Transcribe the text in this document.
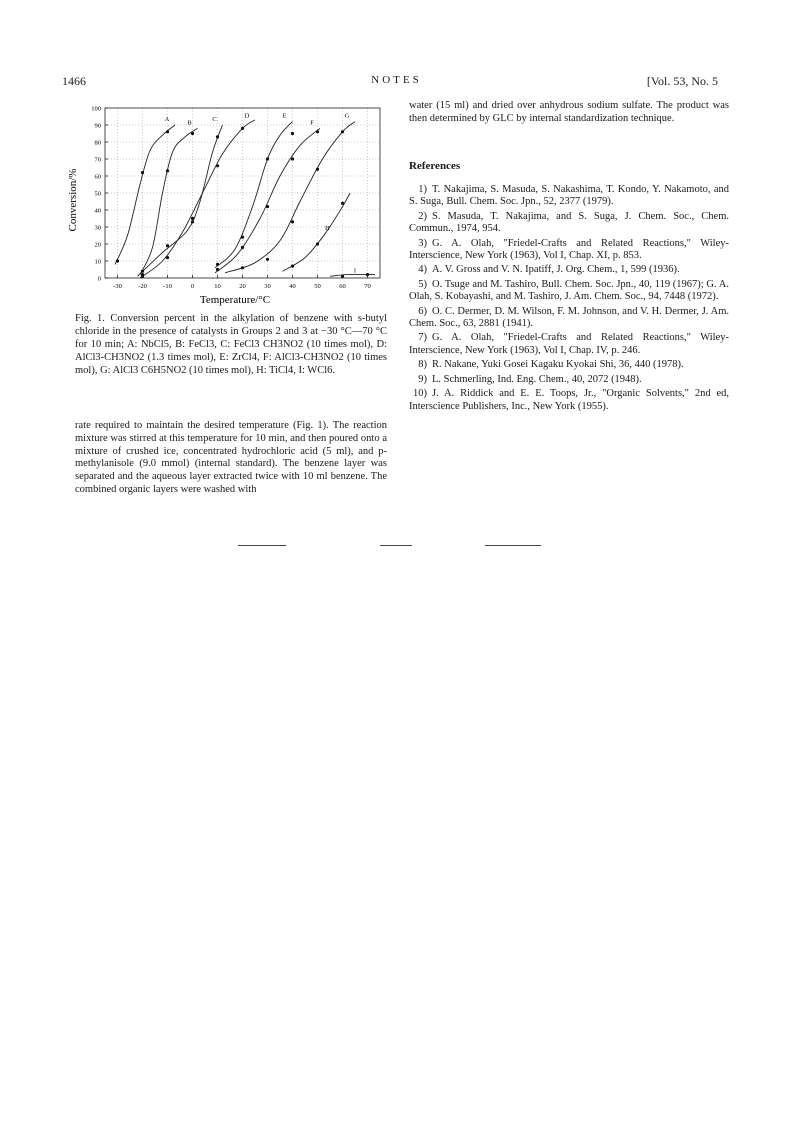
1466	NOTES	[Vol. 53, No. 5
0
10
20
30
40
50
60
70
80
90
100
-30	-20	-10	0	10	20	30	40	50	60	70
A	B	C	D	E
F
G
H
I
Conversion/%
Temperature/°C
Fig. 1. Conversion percent in the alkylation of benzene with s-butyl chloride in the presence of catalysts in Groups 2 and 3 at −30 °C—70 °C for 10 min; A: NbCl5, B: FeCl3, C: FeCl3 CH3NO2 (10 times mol), D: AlCl3-CH3NO2 (1.3 times mol), E: ZrCl4, F: AlCl3-CH3NO2 (10 times mol), G: AlCl3 C6H5NO2 (10 times mol), H: TiCl4, I: WCl6.
rate required to maintain the desired temperature (Fig. 1). The reaction mixture was stirred at this temperature for 10 min, and then poured onto a mixture of crushed ice, concentrated hydrochloric acid (5 ml), and p-methylanisole (9.0 mmol) (internal standard). The benzene layer was separated and the aqueous layer extracted twice with 10 ml benzene. The combined organic layers were washed with
water (15 ml) and dried over anhydrous sodium sulfate. The product was then determined by GLC by internal standardization technique.
References
1) T. Nakajima, S. Masuda, S. Nakashima, T. Kondo, Y. Nakamoto, and S. Suga, Bull. Chem. Soc. Jpn., 52, 2377 (1979).
2) S. Masuda, T. Nakajima, and S. Suga, J. Chem. Soc., Chem. Commun., 1974, 954.
3) G. A. Olah, "Friedel-Crafts and Related Reactions," Wiley-Interscience, New York (1963), Vol I, Chap. XI, p. 853.
4) A. V. Gross and V. N. Ipatiff, J. Org. Chem., 1, 599 (1936).
5) O. Tsuge and M. Tashiro, Bull. Chem. Soc. Jpn., 40, 119 (1967); G. A. Olah, S. Kobayashi, and M. Tashiro, J. Am. Chem. Soc., 94, 7448 (1972).
6) O. C. Dermer, D. M. Wilson, F. M. Johnson, and V. H. Dermer, J. Am. Chem. Soc., 63, 2881 (1941).
7) G. A. Olah, "Friedel-Crafts and Related Reactions," Wiley-Interscience, New York (1963), Vol I, Chap. IV, p. 246.
8) R. Nakane, Yuki Gosei Kagaku Kyokai Shi, 36, 440 (1978).
9) L. Schmerling, Ind. Eng. Chem., 40, 2072 (1948).
10) J. A. Riddick and E. E. Toops, Jr., "Organic Solvents," 2nd ed, Interscience Publishers, Inc., New York (1955).
